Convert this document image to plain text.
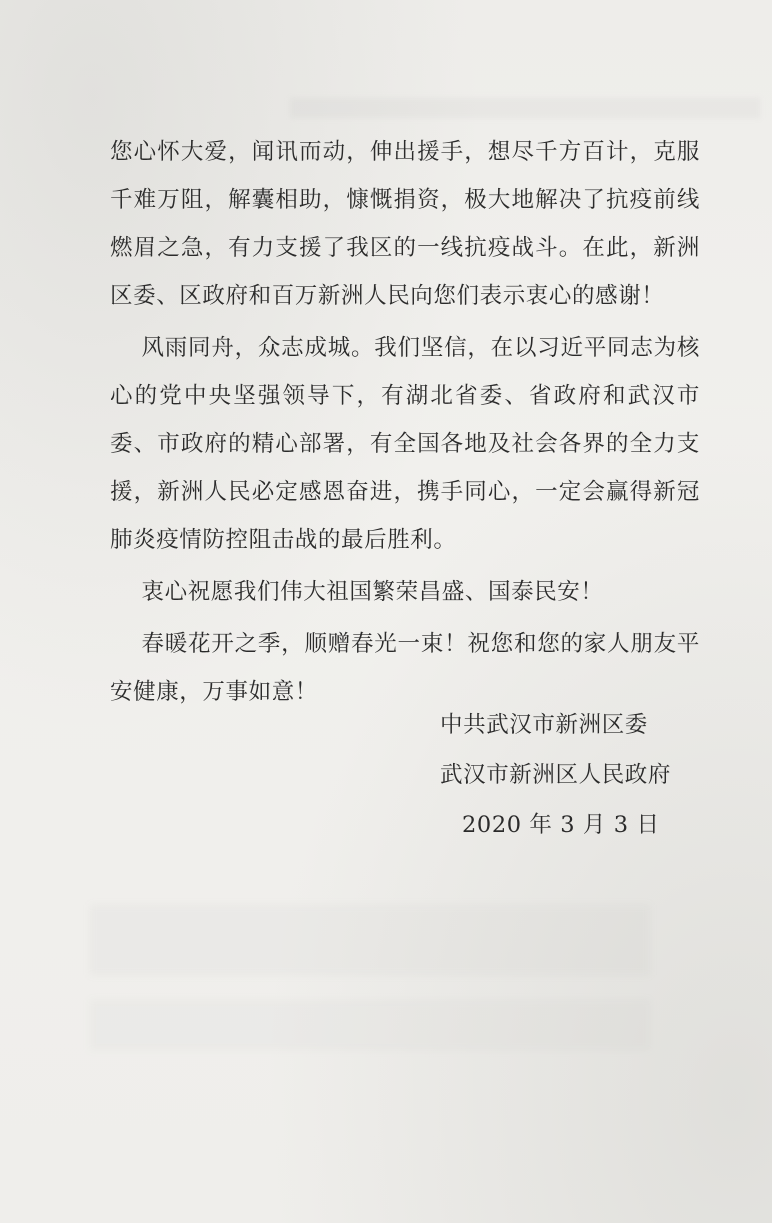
您心怀大爱，闻讯而动，伸出援手，想尽千方百计，克服千难万阻，解囊相助，慷慨捐资，极大地解决了抗疫前线燃眉之急，有力支援了我区的一线抗疫战斗。在此，新洲区委、区政府和百万新洲人民向您们表示衷心的感谢！

风雨同舟，众志成城。我们坚信，在以习近平同志为核心的党中央坚强领导下，有湖北省委、省政府和武汉市委、市政府的精心部署，有全国各地及社会各界的全力支援，新洲人民必定感恩奋进，携手同心，一定会赢得新冠肺炎疫情防控阻击战的最后胜利。

衷心祝愿我们伟大祖国繁荣昌盛、国泰民安！

春暖花开之季，顺赠春光一束！祝您和您的家人朋友平安健康，万事如意！

中共武汉市新洲区委
武汉市新洲区人民政府
2020 年 3 月 3 日
